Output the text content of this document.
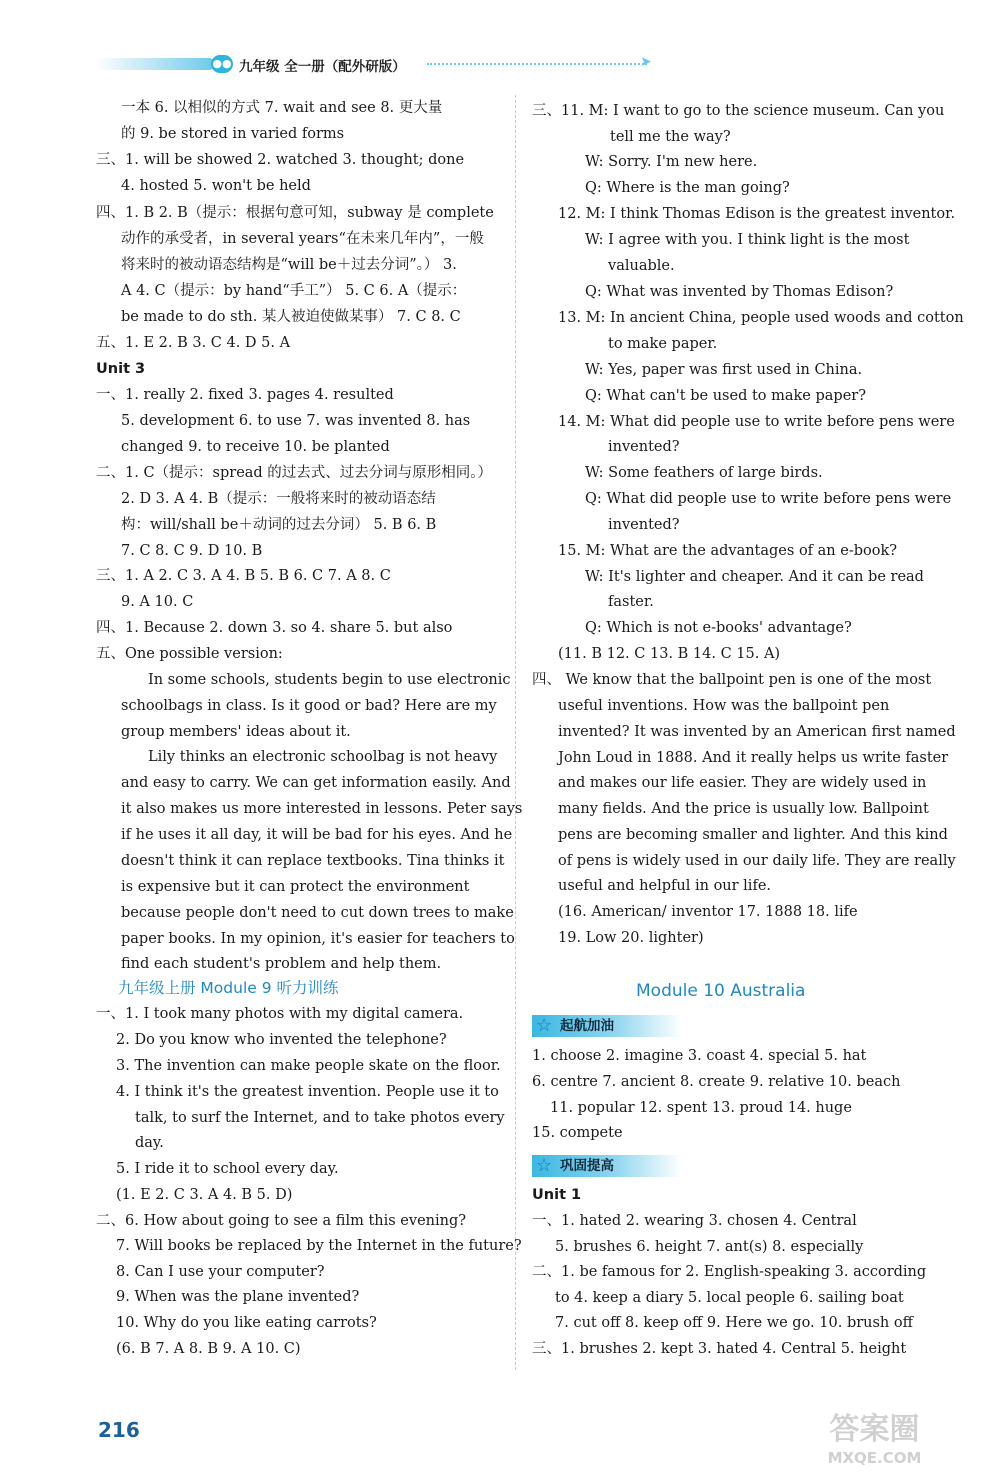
●● 九年级 全一册（配外研版）	➤
一本 6. 以相似的方式 7. wait and see 8. 更大量
的 9. be stored in varied forms
三、1. will be showed 2. watched 3. thought; done
4. hosted 5. won't be held
四、1. B 2. B（提示：根据句意可知，subway 是 complete
动作的承受者，in several years“在未来几年内”，一般
将来时的被动语态结构是“will be＋过去分词”。） 3.
A 4. C（提示：by hand“手工”） 5. C 6. A（提示：
be made to do sth. 某人被迫使做某事） 7. C 8. C
五、1. E 2. B 3. C 4. D 5. A
Unit 3
一、1. really 2. fixed 3. pages 4. resulted
5. development 6. to use 7. was invented 8. has
changed 9. to receive 10. be planted
二、1. C（提示：spread 的过去式、过去分词与原形相同。）
2. D 3. A 4. B（提示：一般将来时的被动语态结
构：will/shall be＋动词的过去分词） 5. B 6. B
7. C 8. C 9. D 10. B
三、1. A 2. C 3. A 4. B 5. B 6. C 7. A 8. C
9. A 10. C
四、1. Because 2. down 3. so 4. share 5. but also
五、One possible version:
In some schools, students begin to use electronic
schoolbags in class. Is it good or bad? Here are my
group members' ideas about it.
Lily thinks an electronic schoolbag is not heavy
and easy to carry. We can get information easily. And
it also makes us more interested in lessons. Peter says
if he uses it all day, it will be bad for his eyes. And he
doesn't think it can replace textbooks. Tina thinks it
is expensive but it can protect the environment
because people don't need to cut down trees to make
paper books. In my opinion, it's easier for teachers to
find each student's problem and help them.
九年级上册 Module 9 听力训练
一、1. I took many photos with my digital camera.
2. Do you know who invented the telephone?
3. The invention can make people skate on the floor.
4. I think it's the greatest invention. People use it to
talk, to surf the Internet, and to take photos every
day.
5. I ride it to school every day.
(1. E 2. C 3. A 4. B 5. D)
二、6. How about going to see a film this evening?
7. Will books be replaced by the Internet in the future?
8. Can I use your computer?
9. When was the plane invented?
10. Why do you like eating carrots?
(6. B 7. A 8. B 9. A 10. C)
三、11. M: I want to go to the science museum. Can you
tell me the way?
W: Sorry. I'm new here.
Q: Where is the man going?
12. M: I think Thomas Edison is the greatest inventor.
W: I agree with you. I think light is the most
valuable.
Q: What was invented by Thomas Edison?
13. M: In ancient China, people used woods and cotton
to make paper.
W: Yes, paper was first used in China.
Q: What can't be used to make paper?
14. M: What did people use to write before pens were
invented?
W: Some feathers of large birds.
Q: What did people use to write before pens were
invented?
15. M: What are the advantages of an e-book?
W: It's lighter and cheaper. And it can be read
faster.
Q: Which is not e-books' advantage?
(11. B 12. C 13. B 14. C 15. A)
四、 We know that the ballpoint pen is one of the most
useful inventions. How was the ballpoint pen
invented? It was invented by an American first named
John Loud in 1888. And it really helps us write faster
and makes our life easier. They are widely used in
many fields. And the price is usually low. Ballpoint
pens are becoming smaller and lighter. And this kind
of pens is widely used in our daily life. They are really
useful and helpful in our life.
(16. American/ inventor 17. 1888 18. life
19. Low 20. lighter)
Module 10 Australia
☆ 起航加油
1. choose 2. imagine 3. coast 4. special 5. hat
6. centre 7. ancient 8. create 9. relative 10. beach
11. popular 12. spent 13. proud 14. huge
15. compete
☆ 巩固提高
Unit 1
一、1. hated 2. wearing 3. chosen 4. Central
5. brushes 6. height 7. ant(s) 8. especially
二、1. be famous for 2. English-speaking 3. according
to 4. keep a diary 5. local people 6. sailing boat
7. cut off 8. keep off 9. Here we go. 10. brush off
三、1. brushes 2. kept 3. hated 4. Central 5. height
216	答案圈
MXQE.COM
